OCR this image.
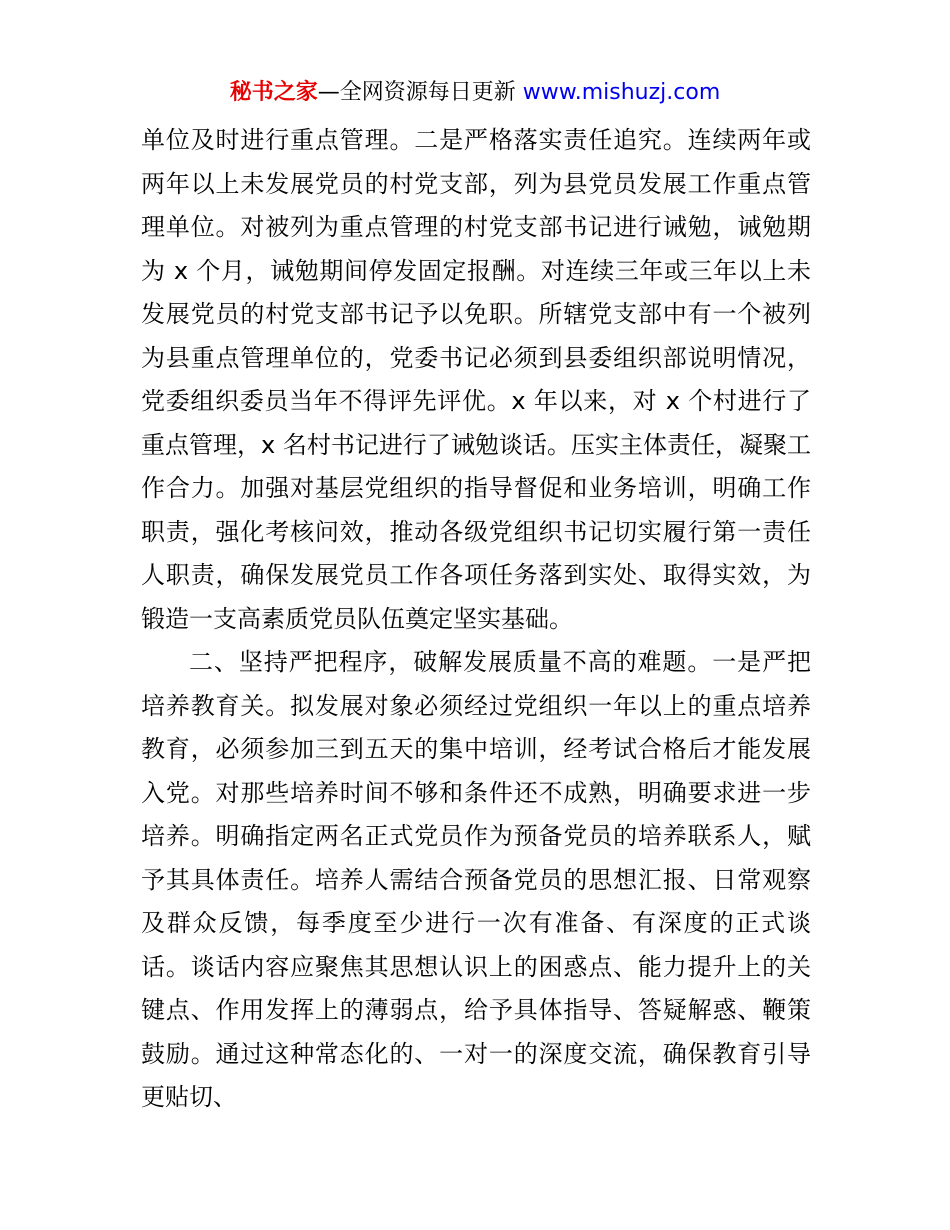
秘书之家—全网资源每日更新 www.mishuzj.com

单位及时进行重点管理。二是严格落实责任追究。连续两年或两年以上未发展党员的村党支部，列为县党员发展工作重点管理单位。对被列为重点管理的村党支部书记进行诫勉，诫勉期为 x 个月，诫勉期间停发固定报酬。对连续三年或三年以上未发展党员的村党支部书记予以免职。所辖党支部中有一个被列为县重点管理单位的，党委书记必须到县委组织部说明情况，党委组织委员当年不得评先评优。x 年以来，对 x 个村进行了重点管理，x 名村书记进行了诫勉谈话。压实主体责任，凝聚工作合力。加强对基层党组织的指导督促和业务培训，明确工作职责，强化考核问效，推动各级党组织书记切实履行第一责任人职责，确保发展党员工作各项任务落到实处、取得实效，为锻造一支高素质党员队伍奠定坚实基础。

二、坚持严把程序，破解发展质量不高的难题。一是严把培养教育关。拟发展对象必须经过党组织一年以上的重点培养教育，必须参加三到五天的集中培训，经考试合格后才能发展入党。对那些培养时间不够和条件还不成熟，明确要求进一步培养。明确指定两名正式党员作为预备党员的培养联系人，赋予其具体责任。培养人需结合预备党员的思想汇报、日常观察及群众反馈，每季度至少进行一次有准备、有深度的正式谈话。谈话内容应聚焦其思想认识上的困惑点、能力提升上的关键点、作用发挥上的薄弱点，给予具体指导、答疑解惑、鞭策鼓励。通过这种常态化的、一对一的深度交流，确保教育引导更贴切、
